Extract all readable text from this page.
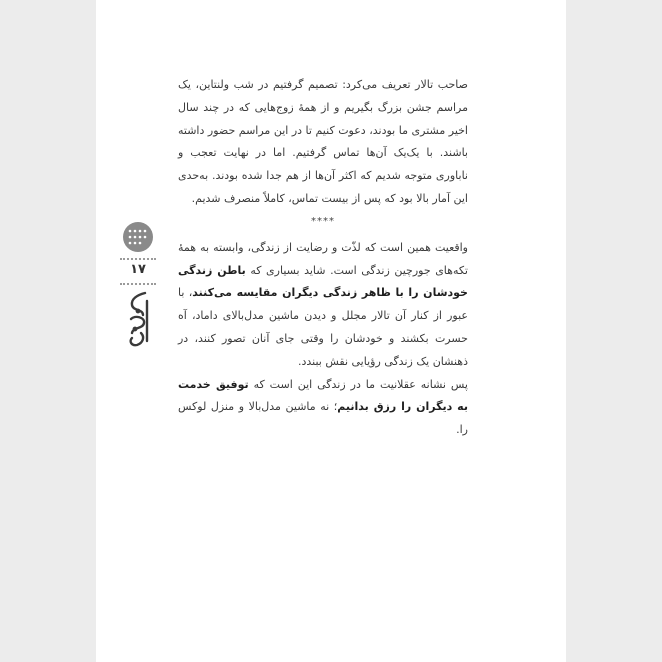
۱۷

صاحب تالار تعریف می‌کرد: تصمیم گرفتیم در شب ولنتاین، یک مراسم جشن بزرگ بگیریم و از همهٔ زوج‌هایی که در چند سال اخیر مشتری ما بودند، دعوت کنیم تا در این مراسم حضور داشته باشند. با یک‌یک آن‌ها تماس گرفتیم. اما در نهایت تعجب و ناباوری متوجه شدیم که اکثر آن‌ها از هم جدا شده بودند. به‌حدی این آمار بالا بود که پس از بیست تماس، کاملاً منصرف شدیم.

****

واقعیت همین است که لذّت و رضایت از زندگی، وابسته به همهٔ تکه‌های جورچین زندگی است. شاید بسیاری که باطن زندگی خودشان را با ظاهر زندگی دیگران مقایسه می‌کنند، با عبور از کنار آن تالار مجلل و دیدن ماشین مدل‌بالای داماد، آه حسرت بکشند و خودشان را وقتی جای آنان تصور کنند، در ذهنشان یک زندگی رؤیایی نقش ببندد.

پس نشانه عقلانیت ما در زندگی این است که توفیق خدمت به دیگران را رزق بدانیم؛ نه ماشین مدل‌بالا و منزل لوکس را.
